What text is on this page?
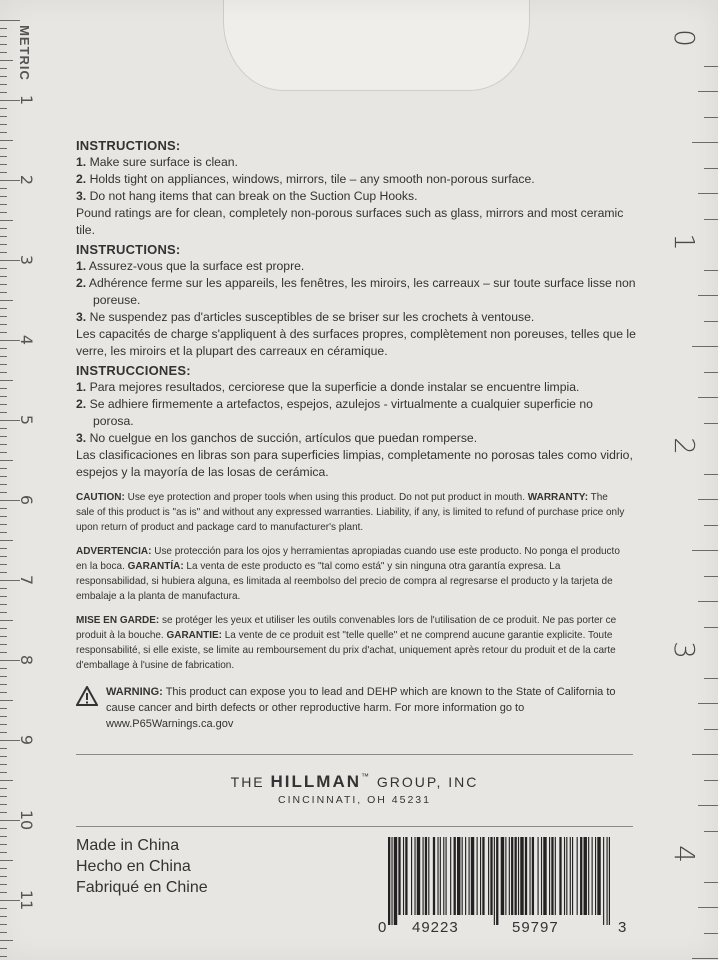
METRIC
1
2
3
4
5
6
7
8
9
10
11
0
1
2
3
4
INSTRUCTIONS:
1. Make sure surface is clean.
2. Holds tight on appliances, windows, mirrors, tile – any smooth non-porous surface.
3. Do not hang items that can break on the Suction Cup Hooks.
Pound ratings are for clean, completely non-porous surfaces such as glass, mirrors and most ceramic tile.
INSTRUCTIONS:
1. Assurez-vous que la surface est propre.
2. Adhérence ferme sur les appareils, les fenêtres, les miroirs, les carreaux – sur toute surface lisse non poreuse.
3. Ne suspendez pas d'articles susceptibles de se briser sur les crochets à ventouse.
Les capacités de charge s'appliquent à des surfaces propres, complètement non poreuses, telles que le verre, les miroirs et la plupart des carreaux en céramique.
INSTRUCCIONES:
1. Para mejores resultados, cerciorese que la superficie a donde instalar se encuentre limpia.
2. Se adhiere firmemente a artefactos, espejos, azulejos - virtualmente a cualquier superficie no porosa.
3. No cuelgue en los ganchos de succión, artículos que puedan romperse.
Las clasificaciones en libras son para superficies limpias, completamente no porosas tales como vidrio, espejos y la mayoría de las losas de cerámica.
CAUTION: Use eye protection and proper tools when using this product. Do not put product in mouth. WARRANTY: The sale of this product is "as is" and without any expressed warranties. Liability, if any, is limited to refund of purchase price only upon return of product and package card to manufacturer's plant.
ADVERTENCIA: Use protección para los ojos y herramientas apropiadas cuando use este producto. No ponga el producto en la boca. GARANTÍA: La venta de este producto es "tal como está" y sin ninguna otra garantía expresa. La responsabilidad, si hubiera alguna, es limitada al reembolso del precio de compra al regresarse el producto y la tarjeta de embalaje a la planta de manufactura.
MISE EN GARDE: se protéger les yeux et utiliser les outils convenables lors de l'utilisation de ce produit. Ne pas porter ce produit à la bouche. GARANTIE: La vente de ce produit est "telle quelle" et ne comprend aucune garantie explicite. Toute responsabilité, si elle existe, se limite au remboursement du prix d'achat, uniquement après retour du produit et de la carte d'emballage à l'usine de fabrication.
WARNING: This product can expose you to lead and DEHP which are known to the State of California to cause cancer and birth defects or other reproductive harm. For more information go to www.P65Warnings.ca.gov
THE HILLMAN™ GROUP, INC
CINCINNATI, OH 45231
Made in China
Hecho en China
Fabriqué en Chine
0 49223	59797	3
